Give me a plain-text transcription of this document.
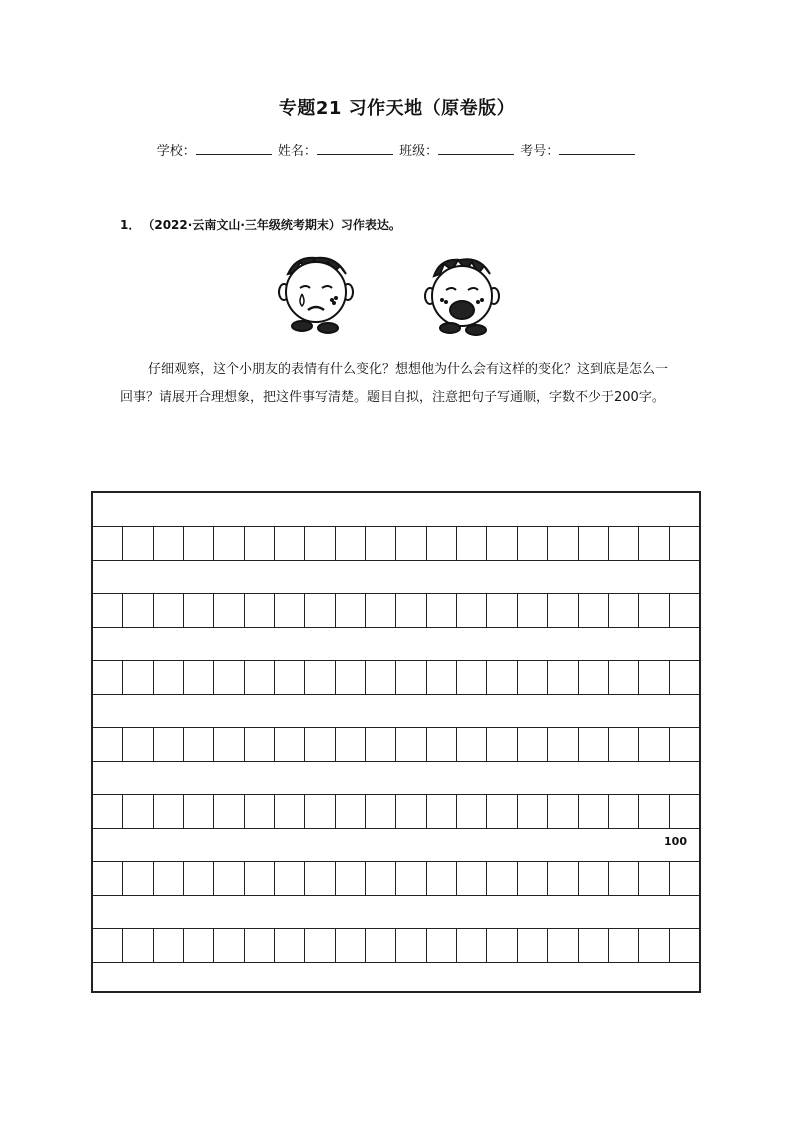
专题21 习作天地（原卷版）
学校：	姓名：	班级：	考号：
1． （2022·云南文山·三年级统考期末）习作表达。
仔细观察，这个小朋友的表情有什么变化？想想他为什么会有这样的变化？这到底是怎么一回事？请展开合理想象，把这件事写清楚。题目自拟，注意把句子写通顺，字数不少于200字。
100
